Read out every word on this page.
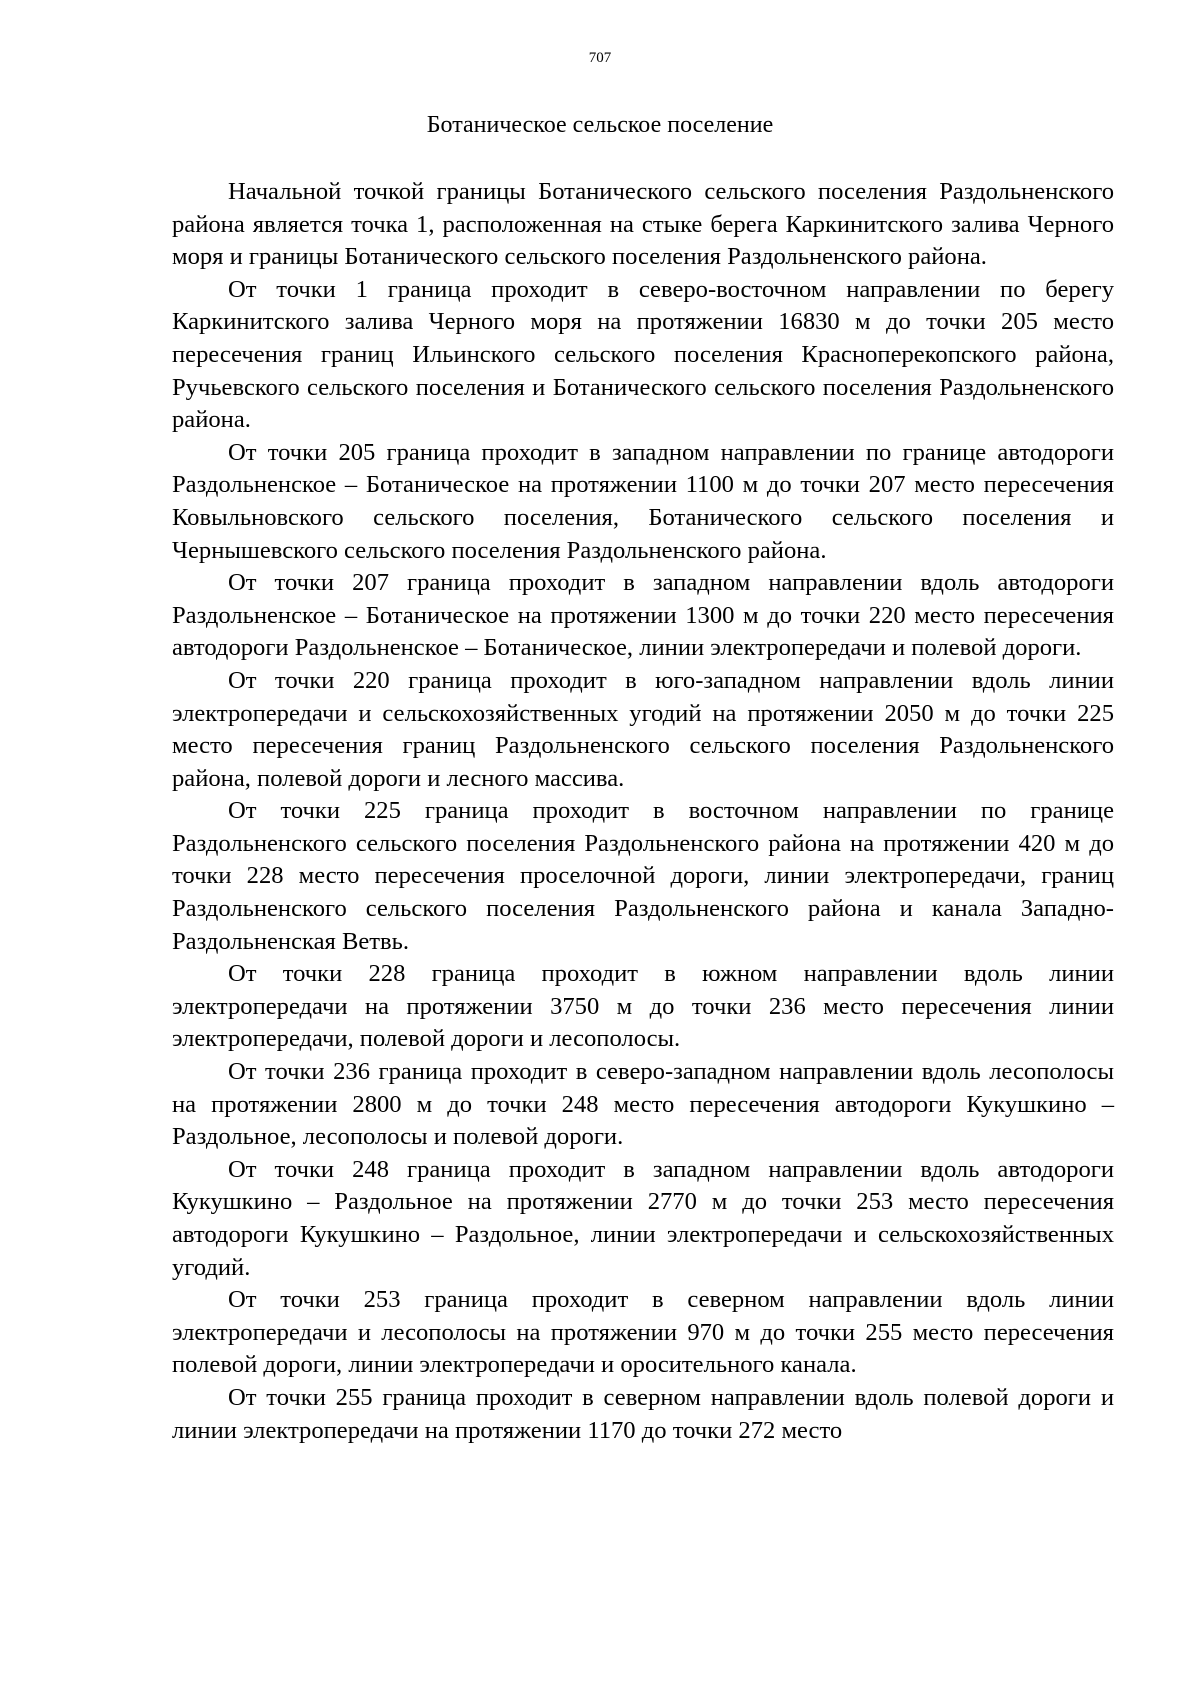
707
Ботаническое сельское поселение

Начальной точкой границы Ботанического сельского поселения Раздольненского района является точка 1, расположенная на стыке берега Каркинитского залива Черного моря и границы Ботанического сельского поселения Раздольненского района.

От точки 1 граница проходит в северо-восточном направлении по берегу Каркинитского залива Черного моря на протяжении 16830 м до точки 205 место пересечения границ Ильинского сельского поселения Красноперекопского района, Ручьевского сельского поселения и Ботанического сельского поселения Раздольненского района.

От точки 205 граница проходит в западном направлении по границе автодороги Раздольненское – Ботаническое на протяжении 1100 м до точки 207 место пересечения Ковыльновского сельского поселения, Ботанического сельского поселения и Чернышевского сельского поселения Раздольненского района.

От точки 207 граница проходит в западном направлении вдоль автодороги Раздольненское – Ботаническое на протяжении 1300 м до точки 220 место пересечения автодороги Раздольненское – Ботаническое, линии электропередачи и полевой дороги.

От точки 220 граница проходит в юго-западном направлении вдоль линии электропередачи и сельскохозяйственных угодий на протяжении 2050 м до точки 225 место пересечения границ Раздольненского сельского поселения Раздольненского района, полевой дороги и лесного массива.

От точки 225 граница проходит в восточном направлении по границе Раздольненского сельского поселения Раздольненского района на протяжении 420 м до точки 228 место пересечения проселочной дороги, линии электропередачи, границ Раздольненского сельского поселения Раздольненского района и канала Западно-Раздольненская Ветвь.

От точки 228 граница проходит в южном направлении вдоль линии электропередачи на протяжении 3750 м до точки 236 место пересечения линии электропередачи, полевой дороги и лесополосы.

От точки 236 граница проходит в северо-западном направлении вдоль лесополосы на протяжении 2800 м до точки 248 место пересечения автодороги Кукушкино – Раздольное, лесополосы и полевой дороги.

От точки 248 граница проходит в западном направлении вдоль автодороги Кукушкино – Раздольное на протяжении 2770 м до точки 253 место пересечения автодороги Кукушкино – Раздольное, линии электропередачи и сельскохозяйственных угодий.

От точки 253 граница проходит в северном направлении вдоль линии электропередачи и лесополосы на протяжении 970 м до точки 255 место пересечения полевой дороги, линии электропередачи и оросительного канала.

От точки 255 граница проходит в северном направлении вдоль полевой дороги и линии электропередачи на протяжении 1170 до точки 272 место
